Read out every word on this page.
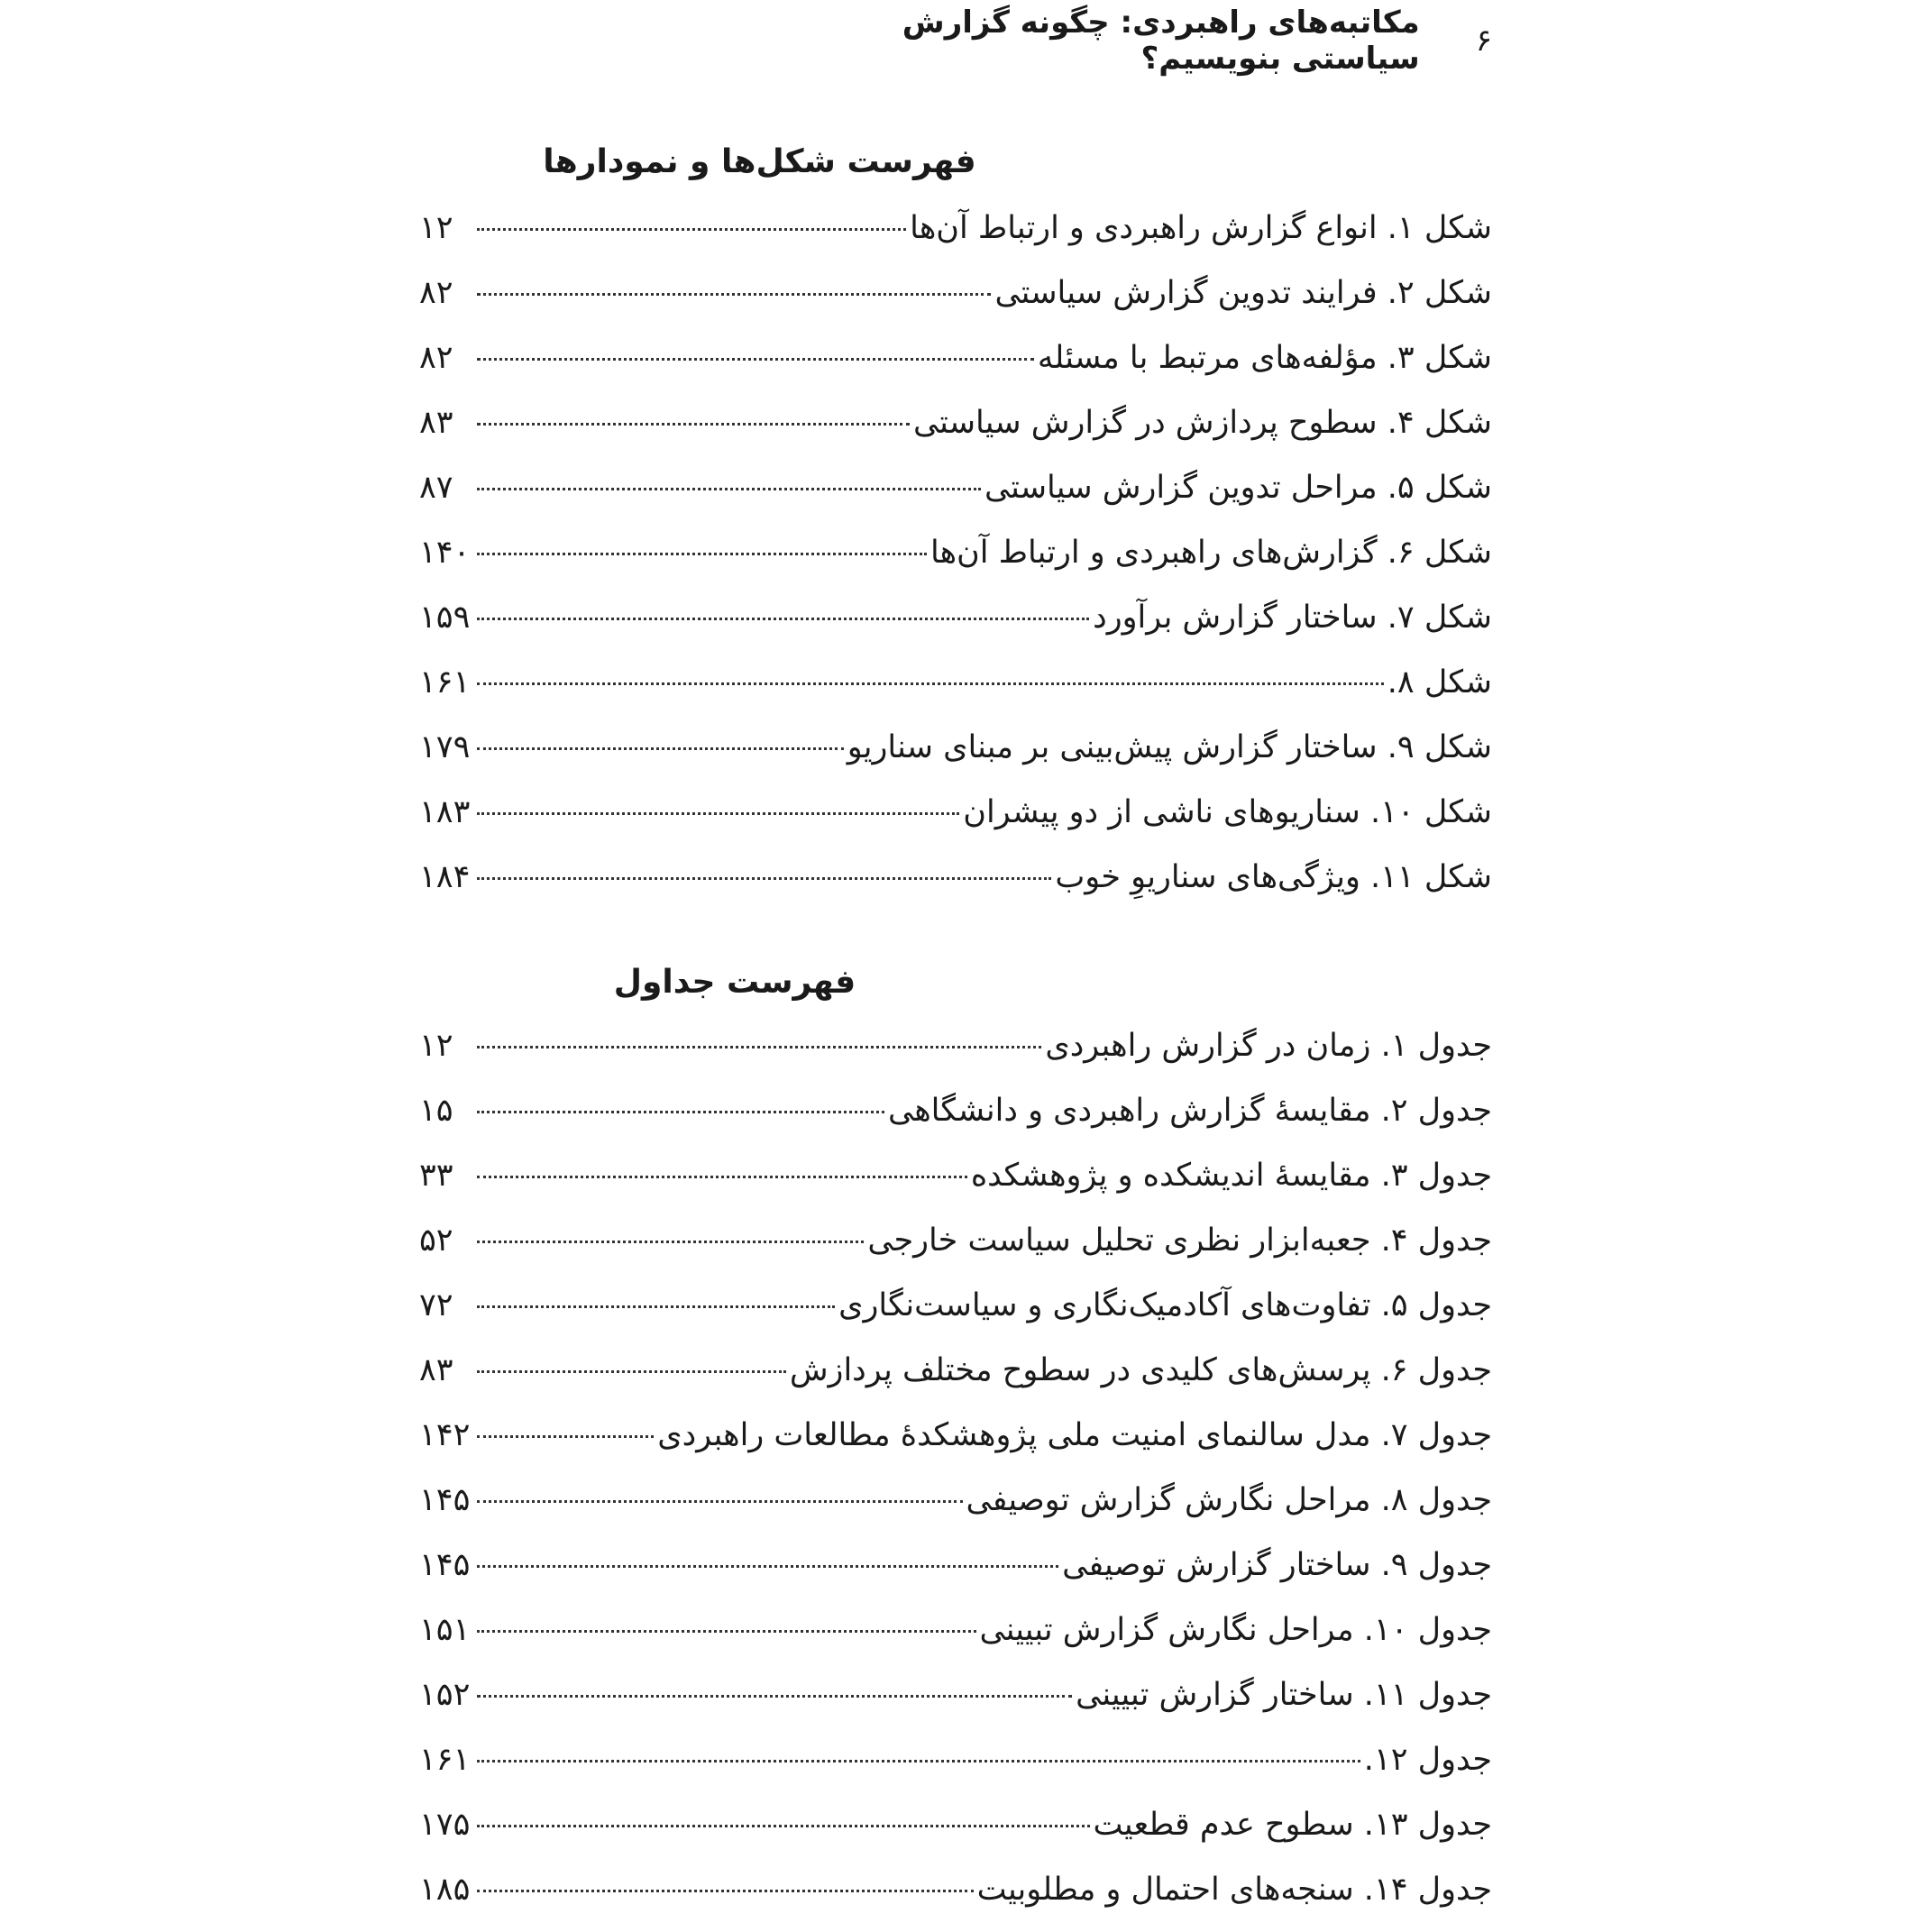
۶
مکاتبه‌های راهبردی: چگونه گزارش سیاستی بنویسیم؟
فهرست شکل‌ها و نمودارها
شکل ۱. انواع گزارش راهبردی و ارتباط آن‌ها
۱۲
شکل ۲. فرایند تدوین گزارش سیاستی
۸۲
شکل ۳. مؤلفه‌های مرتبط با مسئله
۸۲
شکل ۴. سطوح پردازش در گزارش سیاستی
۸۳
شکل ۵. مراحل تدوین گزارش سیاستی
۸۷
شکل ۶. گزارش‌های راهبردی و ارتباط آن‌ها
۱۴۰
شکل ۷. ساختار گزارش برآورد
۱۵۹
شکل ۸.
۱۶۱
شکل ۹. ساختار گزارش پیش‌بینی بر مبنای سناریو
۱۷۹
شکل ۱۰. سناریوهای ناشی از دو پیشران
۱۸۳
شکل ۱۱. ویژگی‌های سناریوِ خوب
۱۸۴
فهرست جداول
جدول ۱. زمان در گزارش راهبردی
۱۲
جدول ۲. مقایسهٔ گزارش راهبردی و دانشگاهی
۱۵
جدول ۳. مقایسهٔ اندیشکده و پژوهشکده
۳۳
جدول ۴. جعبه‌ابزار نظری تحلیل سیاست خارجی
۵۲
جدول ۵. تفاوت‌های آکادمیک‌نگاری و سیاست‌نگاری
۷۲
جدول ۶. پرسش‌های کلیدی در سطوح مختلف پردازش
۸۳
جدول ۷. مدل سالنمای امنیت ملی پژوهشکدهٔ مطالعات راهبردی
۱۴۲
جدول ۸. مراحل نگارش گزارش توصیفی
۱۴۵
جدول ۹. ساختار گزارش توصیفی
۱۴۵
جدول ۱۰. مراحل نگارش گزارش تبیینی
۱۵۱
جدول ۱۱. ساختار گزارش تبیینی
۱۵۲
جدول ۱۲.
۱۶۱
جدول ۱۳. سطوح عدم قطعیت
۱۷۵
جدول ۱۴. سنجه‌های احتمال و مطلوبیت
۱۸۵
